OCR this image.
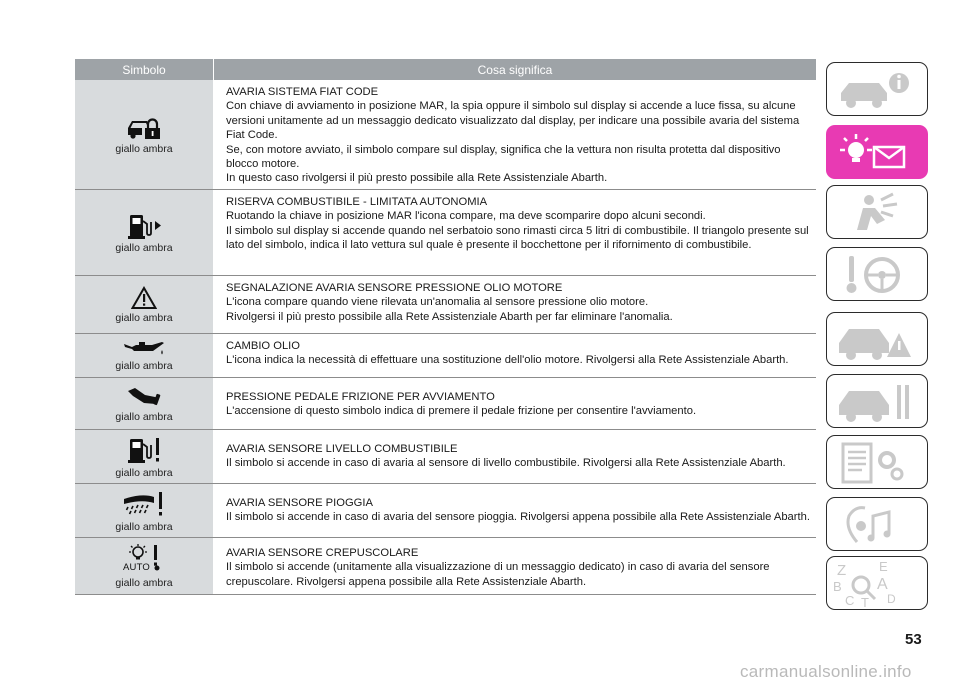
Simbolo	Cosa significa
giallo ambra

AVARIA SISTEMA FIAT CODE

Con chiave di avviamento in posizione MAR, la spia oppure il simbolo sul display si accende a luce fissa, su alcune versioni unitamente ad un messaggio dedicato visualizzato dal display, per indicare una possibile avaria del sistema Fiat Code.

Se, con motore avviato, il simbolo compare sul display, significa che la vettura non risulta protetta dal dispositivo blocco motore.

In questo caso rivolgersi il più presto possibile alla Rete Assistenziale Abarth.

giallo ambra

RISERVA COMBUSTIBILE - LIMITATA AUTONOMIA

Ruotando la chiave in posizione MAR l'icona compare, ma deve scomparire dopo alcuni secondi.

Il simbolo sul display si accende quando nel serbatoio sono rimasti circa 5 litri di combustibile. Il triangolo presente sul lato del simbolo, indica il lato vettura sul quale è presente il bocchettone per il rifornimento di combustibile.

giallo ambra

SEGNALAZIONE AVARIA SENSORE PRESSIONE OLIO MOTORE

L'icona compare quando viene rilevata un'anomalia al sensore pressione olio motore.

Rivolgersi il più presto possibile alla Rete Assistenziale Abarth per far eliminare l'anomalia.

giallo ambra

CAMBIO OLIO

L'icona indica la necessità di effettuare una sostituzione dell'olio motore. Rivolgersi alla Rete Assistenziale Abarth.

giallo ambra

PRESSIONE PEDALE FRIZIONE PER AVVIAMENTO

L'accensione di questo simbolo indica di premere il pedale frizione per consentire l'avviamento.

giallo ambra

AVARIA SENSORE LIVELLO COMBUSTIBILE

Il simbolo si accende in caso di avaria al sensore di livello combustibile. Rivolgersi alla Rete Assistenziale Abarth.

giallo ambra

AVARIA SENSORE PIOGGIA

Il simbolo si accende in caso di avaria del sensore pioggia. Rivolgersi appena possibile alla Rete Assistenziale Abarth.

AUTO
giallo ambra

AVARIA SENSORE CREPUSCOLARE

Il simbolo si accende (unitamente alla visualizzazione di un messaggio dedicato) in caso di avaria del sensore crepuscolare. Rivolgersi appena possibile alla Rete Assistenziale Abarth.

Z	E
B A
C T D
53
carmanualsonline.info
